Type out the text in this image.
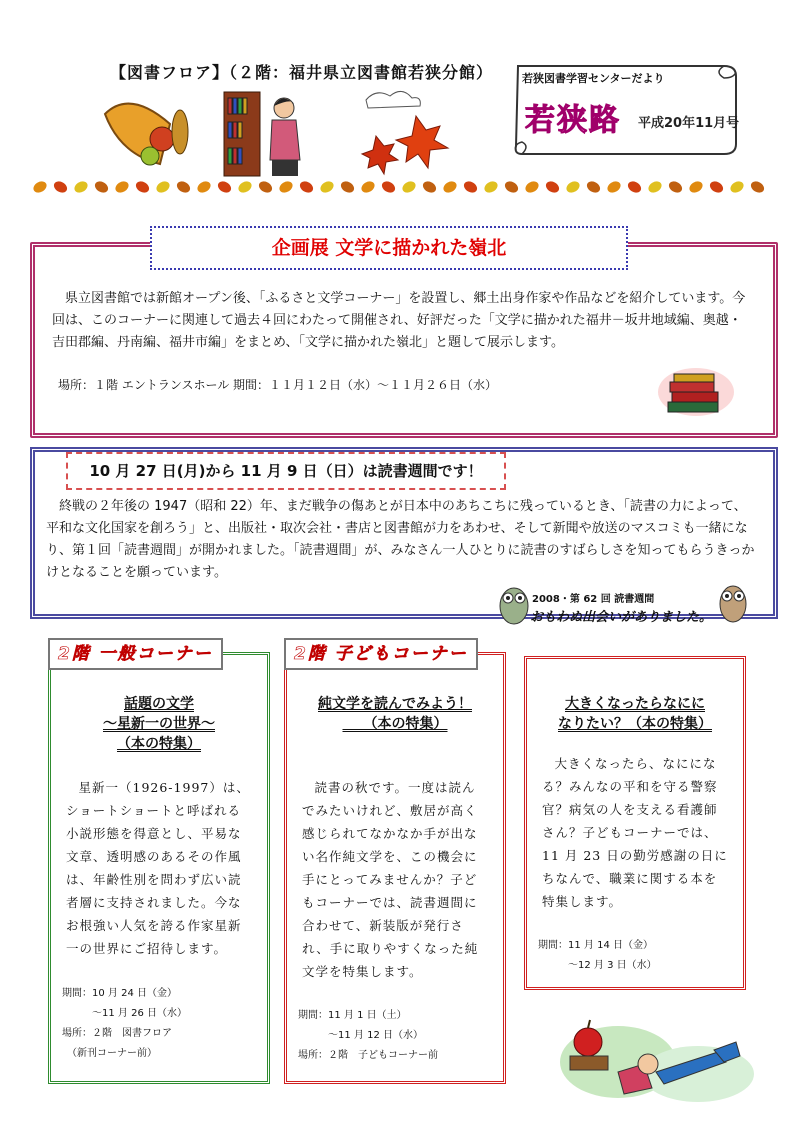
【図書フロア】（２階：福井県立図書館若狭分館）	若狭図書学習センターだより
若狭路 平成20年11月号
企画展 文学に描かれた嶺北
県立図書館では新館オープン後、「ふるさと文学コーナー」を設置し、郷土出身作家や作品などを紹介しています。今回は、このコーナーに関連して過去４回にわたって開催され、好評だった「文学に描かれた福井－坂井地域編、奥越・吉田郡編、丹南編、福井市編」をまとめ、「文学に描かれた嶺北」と題して展示します。
場所：１階 エントランスホール 期間：１１月１２日（水）～１１月２６日（水）
10 月 27 日(月)から 11 月 9 日（日）は読書週間です！
終戦の２年後の 1947（昭和 22）年、まだ戦争の傷あとが日本中のあちこちに残っているとき、「読書の力によって、平和な文化国家を創ろう」と、出版社・取次会社・書店と図書館が力をあわせ、そして新聞や放送のマスコミも一緒になり、第１回「読書週間」が開かれました。「読書週間」が、みなさん一人ひとりに読書のすばらしさを知ってもらうきっかけとなることを願っています。
2008・第 62 回 読書週間
おもわぬ出会いがありました。
2階 一般コーナー
話題の文学
～星新一の世界～
（本の特集）
星新一（1926-1997）は、ショートショートと呼ばれる小説形態を得意とし、平易な文章、透明感のあるその作風は、年齢性別を問わず広い読者層に支持されました。今なお根強い人気を誇る作家星新一の世界にご招待します。
期間：10 月 24 日（金）
　　　～11 月 26 日（水）
場所：２階　図書フロア
　（新刊コーナー前）
2階 子どもコーナー
純文学を読んでみよう！
　　（本の特集）
読書の秋です。一度は読んでみたいけれど、敷居が高く感じられてなかなか手が出ない名作純文学を、この機会に手にとってみませんか？子どもコーナーでは、読書週間に合わせて、新装版が発行され、手に取りやすくなった純文学を特集します。
期間：11 月 1 日（土）
　　　～11 月 12 日（水）
場所：２階　子どもコーナー前
大きくなったらなにに
なりたい？（本の特集）
大きくなったら、なにになる？みんなの平和を守る警察官？病気の人を支える看護師さん？子どもコーナーでは、11 月 23 日の勤労感謝の日にちなんで、職業に関する本を特集します。
期間：11 月 14 日（金）
　　　～12 月 3 日（水）
